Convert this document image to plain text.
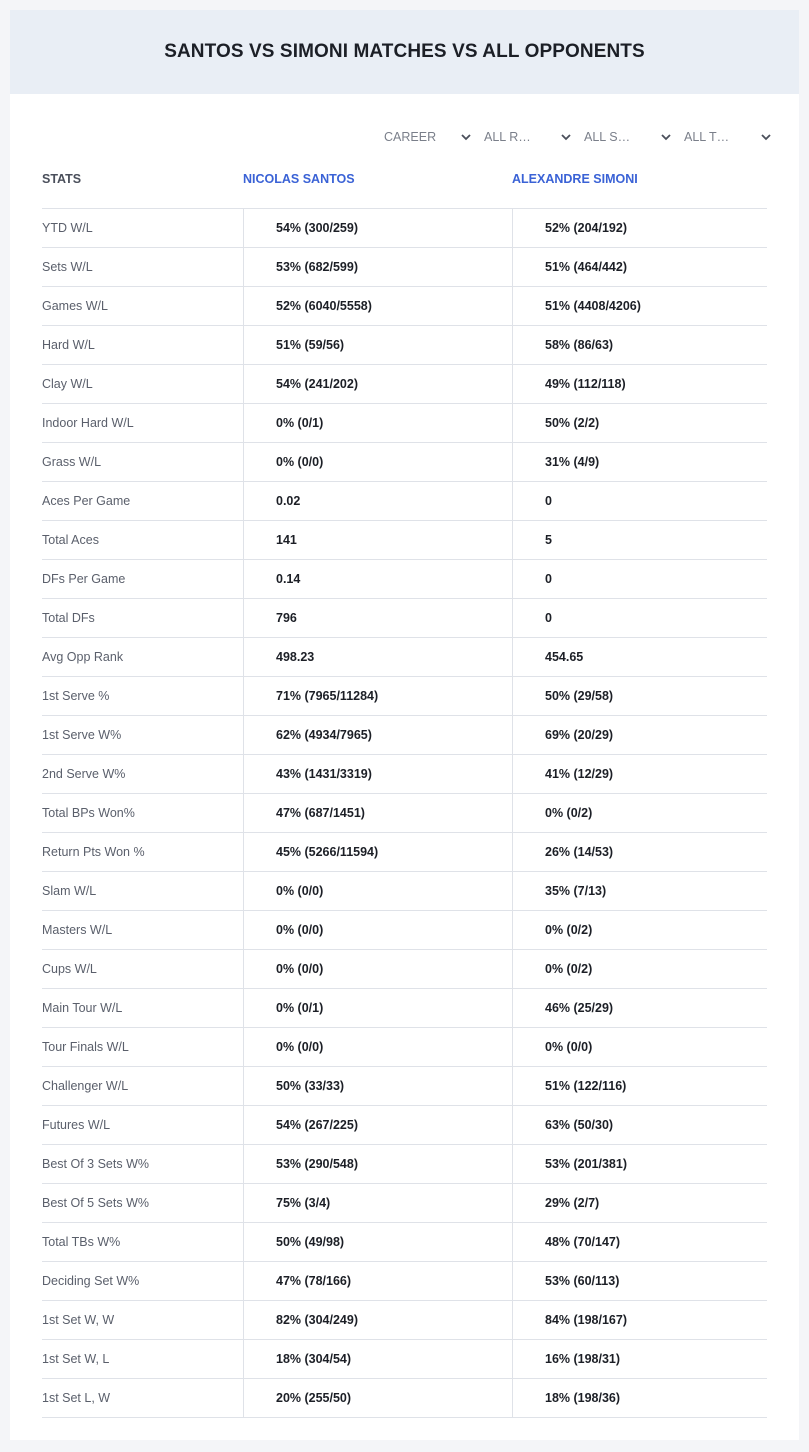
SANTOS VS SIMONI MATCHES VS ALL OPPONENTS
CAREER	ALL R…	ALL S…	ALL T…
STATS	NICOLAS SANTOS	ALEXANDRE SIMONI
YTD W/L	54% (300/259)	52% (204/192)
Sets W/L	53% (682/599)	51% (464/442)
Games W/L	52% (6040/5558)	51% (4408/4206)
Hard W/L	51% (59/56)	58% (86/63)
Clay W/L	54% (241/202)	49% (112/118)
Indoor Hard W/L	0% (0/1)	50% (2/2)
Grass W/L	0% (0/0)	31% (4/9)
Aces Per Game	0.02	0
Total Aces	141	5
DFs Per Game	0.14	0
Total DFs	796	0
Avg Opp Rank	498.23	454.65
1st Serve %	71% (7965/11284)	50% (29/58)
1st Serve W%	62% (4934/7965)	69% (20/29)
2nd Serve W%	43% (1431/3319)	41% (12/29)
Total BPs Won%	47% (687/1451)	0% (0/2)
Return Pts Won %	45% (5266/11594)	26% (14/53)
Slam W/L	0% (0/0)	35% (7/13)
Masters W/L	0% (0/0)	0% (0/2)
Cups W/L	0% (0/0)	0% (0/2)
Main Tour W/L	0% (0/1)	46% (25/29)
Tour Finals W/L	0% (0/0)	0% (0/0)
Challenger W/L	50% (33/33)	51% (122/116)
Futures W/L	54% (267/225)	63% (50/30)
Best Of 3 Sets W%	53% (290/548)	53% (201/381)
Best Of 5 Sets W%	75% (3/4)	29% (2/7)
Total TBs W%	50% (49/98)	48% (70/147)
Deciding Set W%	47% (78/166)	53% (60/113)
1st Set W, W	82% (304/249)	84% (198/167)
1st Set W, L	18% (304/54)	16% (198/31)
1st Set L, W	20% (255/50)	18% (198/36)
